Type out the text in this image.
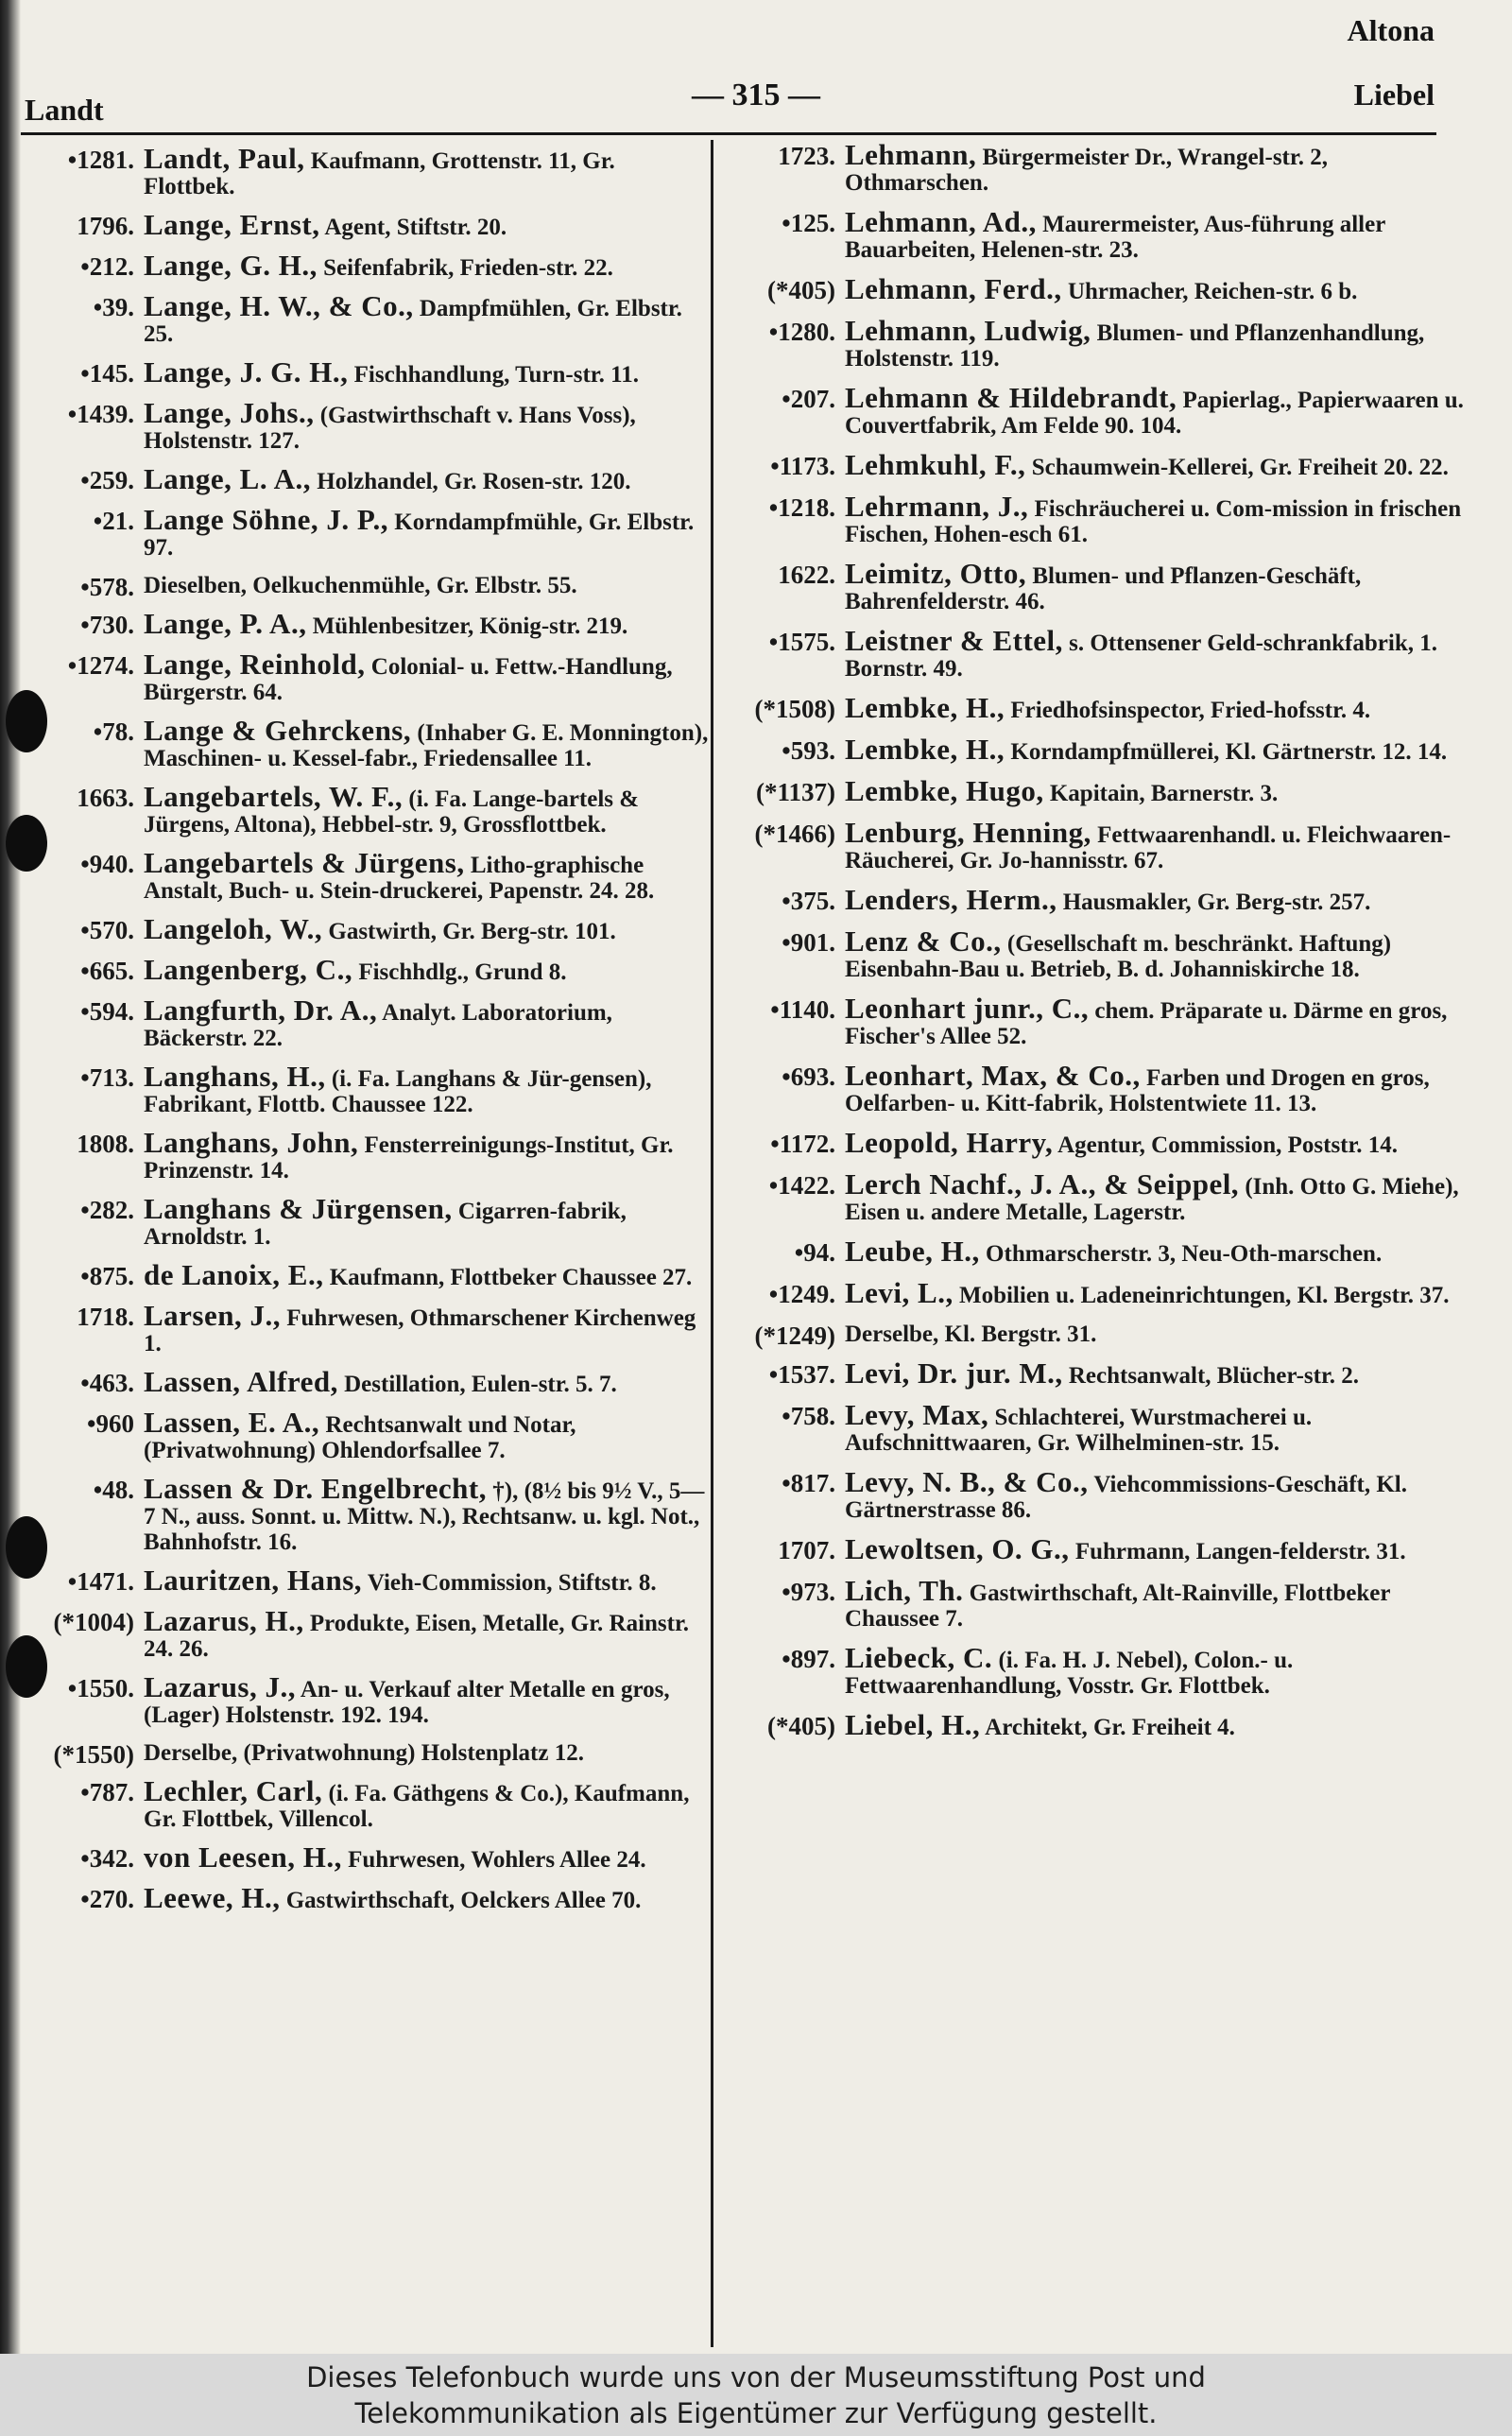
Altona
Landt	— 315 —	Liebel
•1281. Landt, Paul, Kaufmann, Grottenstr. 11, Gr. Flottbek.
1796. Lange, Ernst, Agent, Stiftstr. 20.
•212. Lange, G. H., Seifenfabrik, Frieden-str. 22.
•39. Lange, H. W., & Co., Dampfmühlen, Gr. Elbstr. 25.
•145. Lange, J. G. H., Fischhandlung, Turn-str. 11.
•1439. Lange, Johs., (Gastwirthschaft v. Hans Voss), Holstenstr. 127.
•259. Lange, L. A., Holzhandel, Gr. Rosen-str. 120.
•21. Lange Söhne, J. P., Korndampfmühle, Gr. Elbstr. 97.
•578. Dieselben, Oelkuchenmühle, Gr. Elbstr. 55.
•730. Lange, P. A., Mühlenbesitzer, König-str. 219.
•1274. Lange, Reinhold, Colonial- u. Fettw.-Handlung, Bürgerstr. 64.
•78. Lange & Gehrckens, (Inhaber G. E. Monnington), Maschinen- u. Kessel-fabr., Friedensallee 11.
1663. Langebartels, W. F., (i. Fa. Lange-bartels & Jürgens, Altona), Hebbel-str. 9, Grossflottbek.
•940. Langebartels & Jürgens, Litho-graphische Anstalt, Buch- u. Stein-druckerei, Papenstr. 24. 28.
•570. Langeloh, W., Gastwirth, Gr. Berg-str. 101.
•665. Langenberg, C., Fischhdlg., Grund 8.
•594. Langfurth, Dr. A., Analyt. Laboratorium, Bäckerstr. 22.
•713. Langhans, H., (i. Fa. Langhans & Jür-gensen), Fabrikant, Flottb. Chaussee 122.
1808. Langhans, John, Fensterreinigungs-Institut, Gr. Prinzenstr. 14.
•282. Langhans & Jürgensen, Cigarren-fabrik, Arnoldstr. 1.
•875. de Lanoix, E., Kaufmann, Flottbeker Chaussee 27.
1718. Larsen, J., Fuhrwesen, Othmarschener Kirchenweg 1.
•463. Lassen, Alfred, Destillation, Eulen-str. 5. 7.
•960 Lassen, E. A., Rechtsanwalt und Notar, (Privatwohnung) Ohlendorfsallee 7.
•48. Lassen & Dr. Engelbrecht, †), (8½ bis 9½ V., 5—7 N., auss. Sonnt. u. Mittw. N.), Rechtsanw. u. kgl. Not., Bahnhofstr. 16.
•1471. Lauritzen, Hans, Vieh-Commission, Stiftstr. 8.
(*1004) Lazarus, H., Produkte, Eisen, Metalle, Gr. Rainstr. 24. 26.
•1550. Lazarus, J., An- u. Verkauf alter Metalle en gros, (Lager) Holstenstr. 192. 194.
(*1550) Derselbe, (Privatwohnung) Holstenplatz 12.
•787. Lechler, Carl, (i. Fa. Gäthgens & Co.), Kaufmann, Gr. Flottbek, Villencol.
•342. von Leesen, H., Fuhrwesen, Wohlers Allee 24.
•270. Leewe, H., Gastwirthschaft, Oelckers Allee 70.
1723. Lehmann, Bürgermeister Dr., Wrangel-str. 2, Othmarschen.
•125. Lehmann, Ad., Maurermeister, Aus-führung aller Bauarbeiten, Helenen-str. 23.
(*405) Lehmann, Ferd., Uhrmacher, Reichen-str. 6 b.
•1280. Lehmann, Ludwig, Blumen- und Pflanzenhandlung, Holstenstr. 119.
•207. Lehmann & Hildebrandt, Papierlag., Papierwaaren u. Couvertfabrik, Am Felde 90. 104.
•1173. Lehmkuhl, F., Schaumwein-Kellerei, Gr. Freiheit 20. 22.
•1218. Lehrmann, J., Fischräucherei u. Com-mission in frischen Fischen, Hohen-esch 61.
1622. Leimitz, Otto, Blumen- und Pflanzen-Geschäft, Bahrenfelderstr. 46.
•1575. Leistner & Ettel, s. Ottensener Geld-schrankfabrik, 1. Bornstr. 49.
(*1508) Lembke, H., Friedhofsinspector, Fried-hofsstr. 4.
•593. Lembke, H., Korndampfmüllerei, Kl. Gärtnerstr. 12. 14.
(*1137) Lembke, Hugo, Kapitain, Barnerstr. 3.
(*1466) Lenburg, Henning, Fettwaarenhandl. u. Fleichwaaren-Räucherei, Gr. Jo-hannisstr. 67.
•375. Lenders, Herm., Hausmakler, Gr. Berg-str. 257.
•901. Lenz & Co., (Gesellschaft m. beschränkt. Haftung) Eisenbahn-Bau u. Betrieb, B. d. Johanniskirche 18.
•1140. Leonhart junr., C., chem. Präparate u. Därme en gros, Fischer's Allee 52.
•693. Leonhart, Max, & Co., Farben und Drogen en gros, Oelfarben- u. Kitt-fabrik, Holstentwiete 11. 13.
•1172. Leopold, Harry, Agentur, Commission, Poststr. 14.
•1422. Lerch Nachf., J. A., & Seippel, (Inh. Otto G. Miehe), Eisen u. andere Metalle, Lagerstr.
•94. Leube, H., Othmarscherstr. 3, Neu-Oth-marschen.
•1249. Levi, L., Mobilien u. Ladeneinrichtungen, Kl. Bergstr. 37.
(*1249) Derselbe, Kl. Bergstr. 31.
•1537. Levi, Dr. jur. M., Rechtsanwalt, Blücher-str. 2.
•758. Levy, Max, Schlachterei, Wurstmacherei u. Aufschnittwaaren, Gr. Wilhelminen-str. 15.
•817. Levy, N. B., & Co., Viehcommissions-Geschäft, Kl. Gärtnerstrasse 86.
1707. Lewoltsen, O. G., Fuhrmann, Langen-felderstr. 31.
•973. Lich, Th. Gastwirthschaft, Alt-Rainville, Flottbeker Chaussee 7.
•897. Liebeck, C. (i. Fa. H. J. Nebel), Colon.- u. Fettwaarenhandlung, Vosstr. Gr. Flottbek.
(*405) Liebel, H., Architekt, Gr. Freiheit 4.
Dieses Telefonbuch wurde uns von der Museumsstiftung Post und
Telekommunikation als Eigentümer zur Verfügung gestellt.
